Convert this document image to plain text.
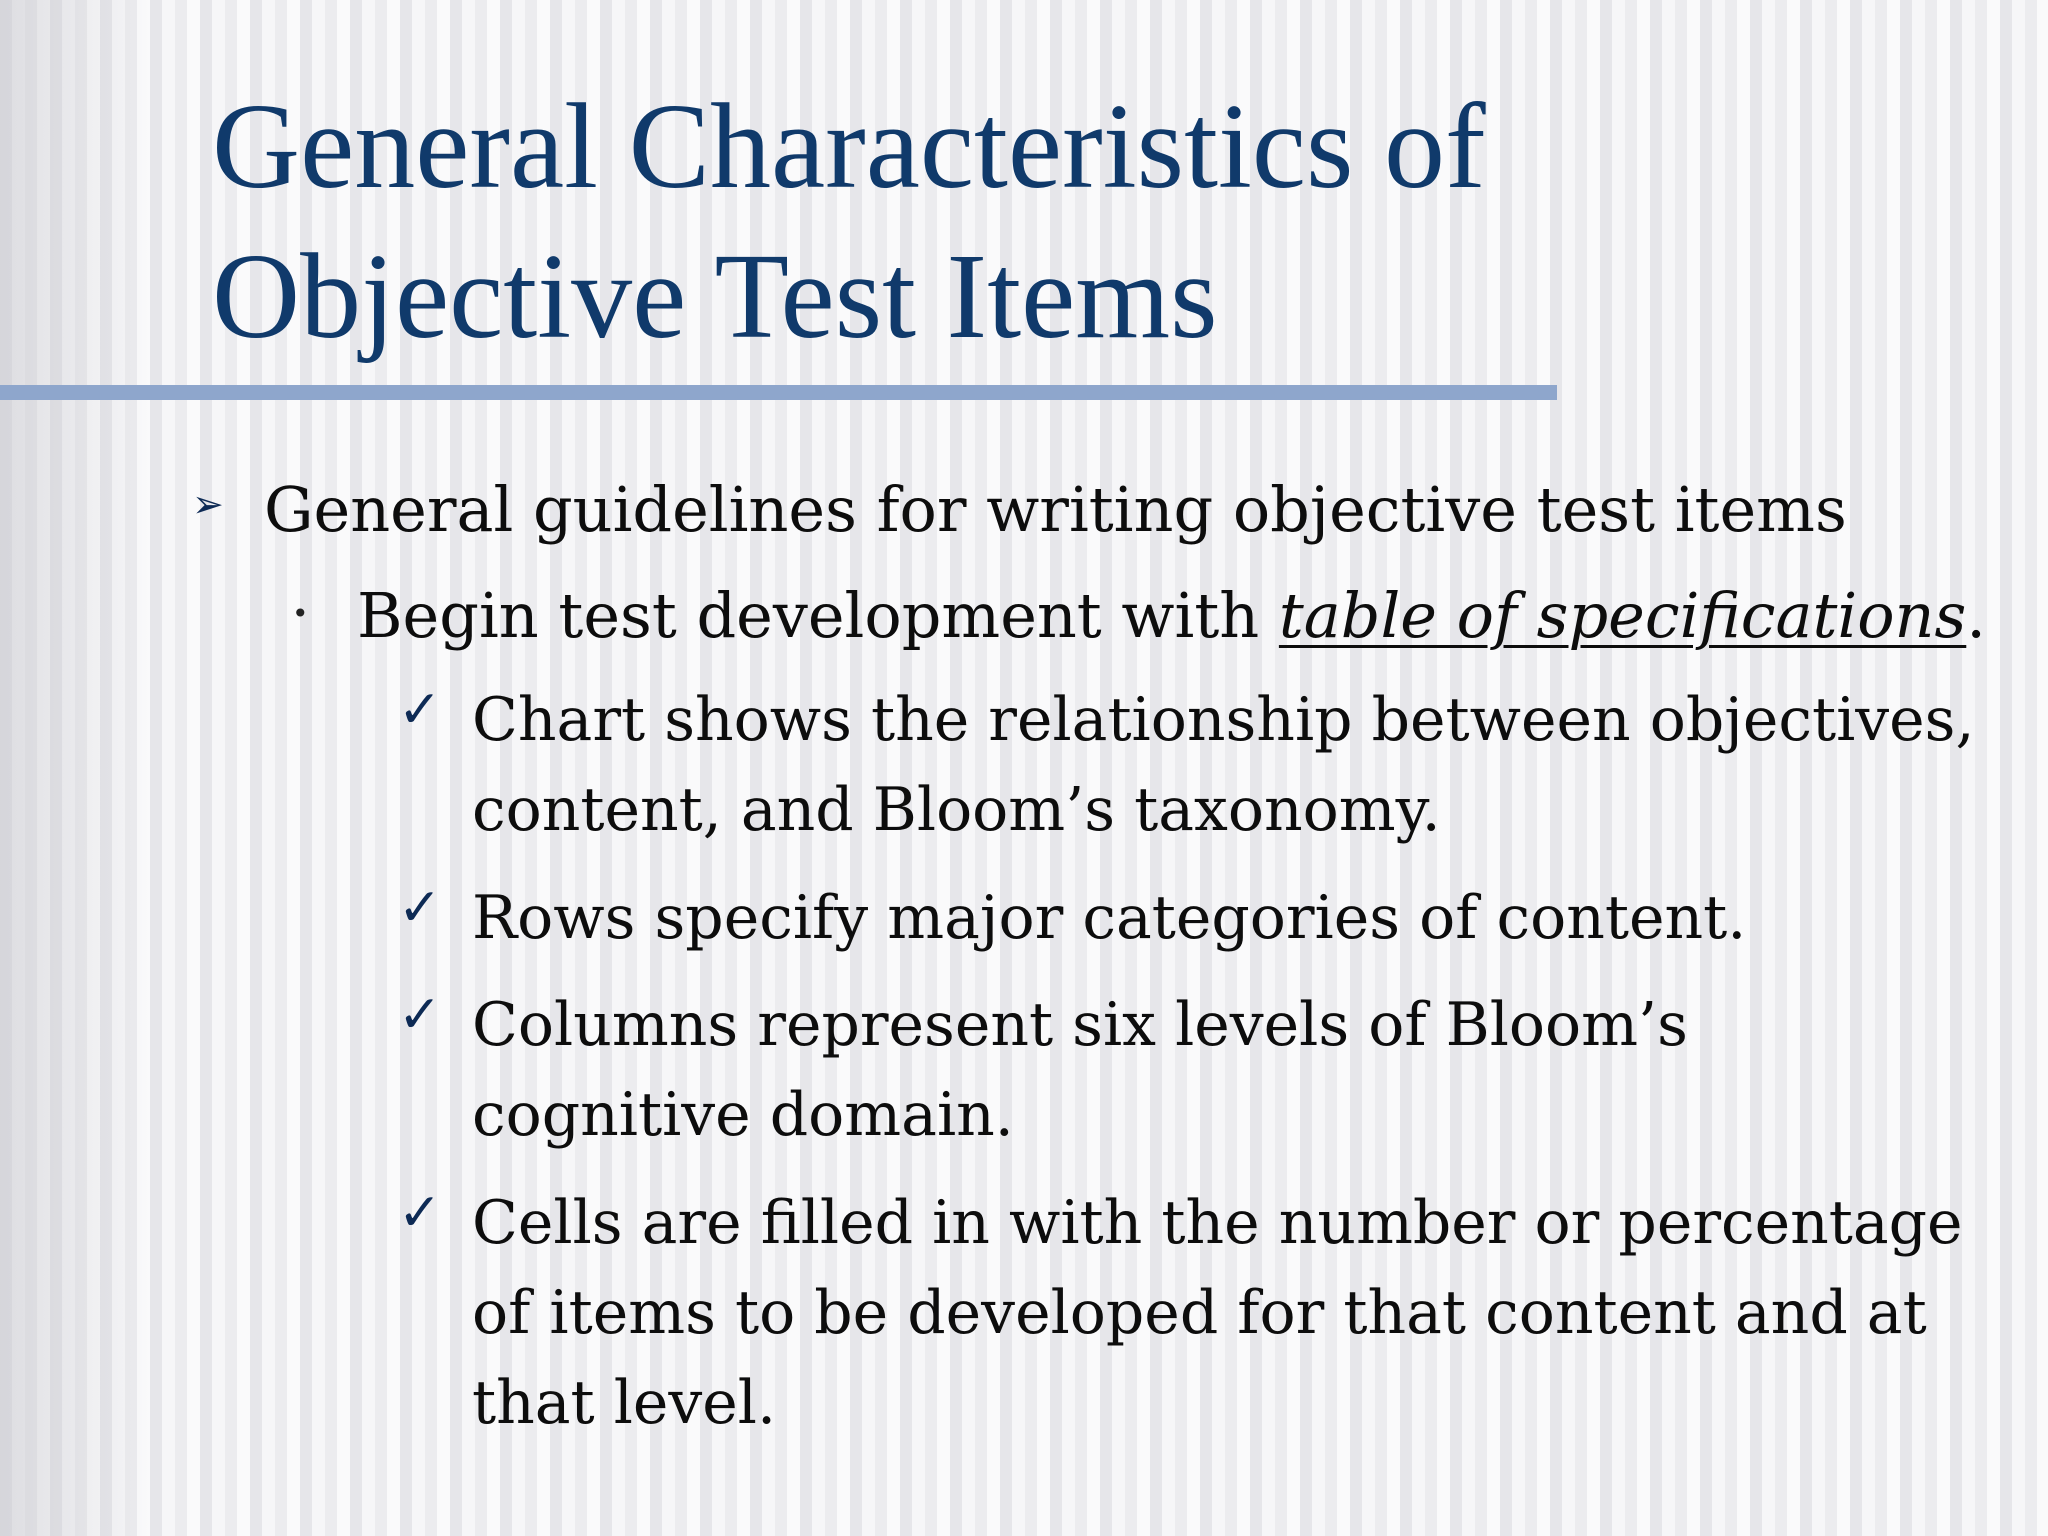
General Characteristics of
Objective Test Items
➢ General guidelines for writing objective test items
• Begin test development with table of specifications.
✓ Chart shows the relationship between objectives,
content, and Bloom’s taxonomy.
✓ Rows specify major categories of content.
✓ Columns represent six levels of Bloom’s
cognitive domain.
✓ Cells are filled in with the number or percentage
of items to be developed for that content and at
that level.
